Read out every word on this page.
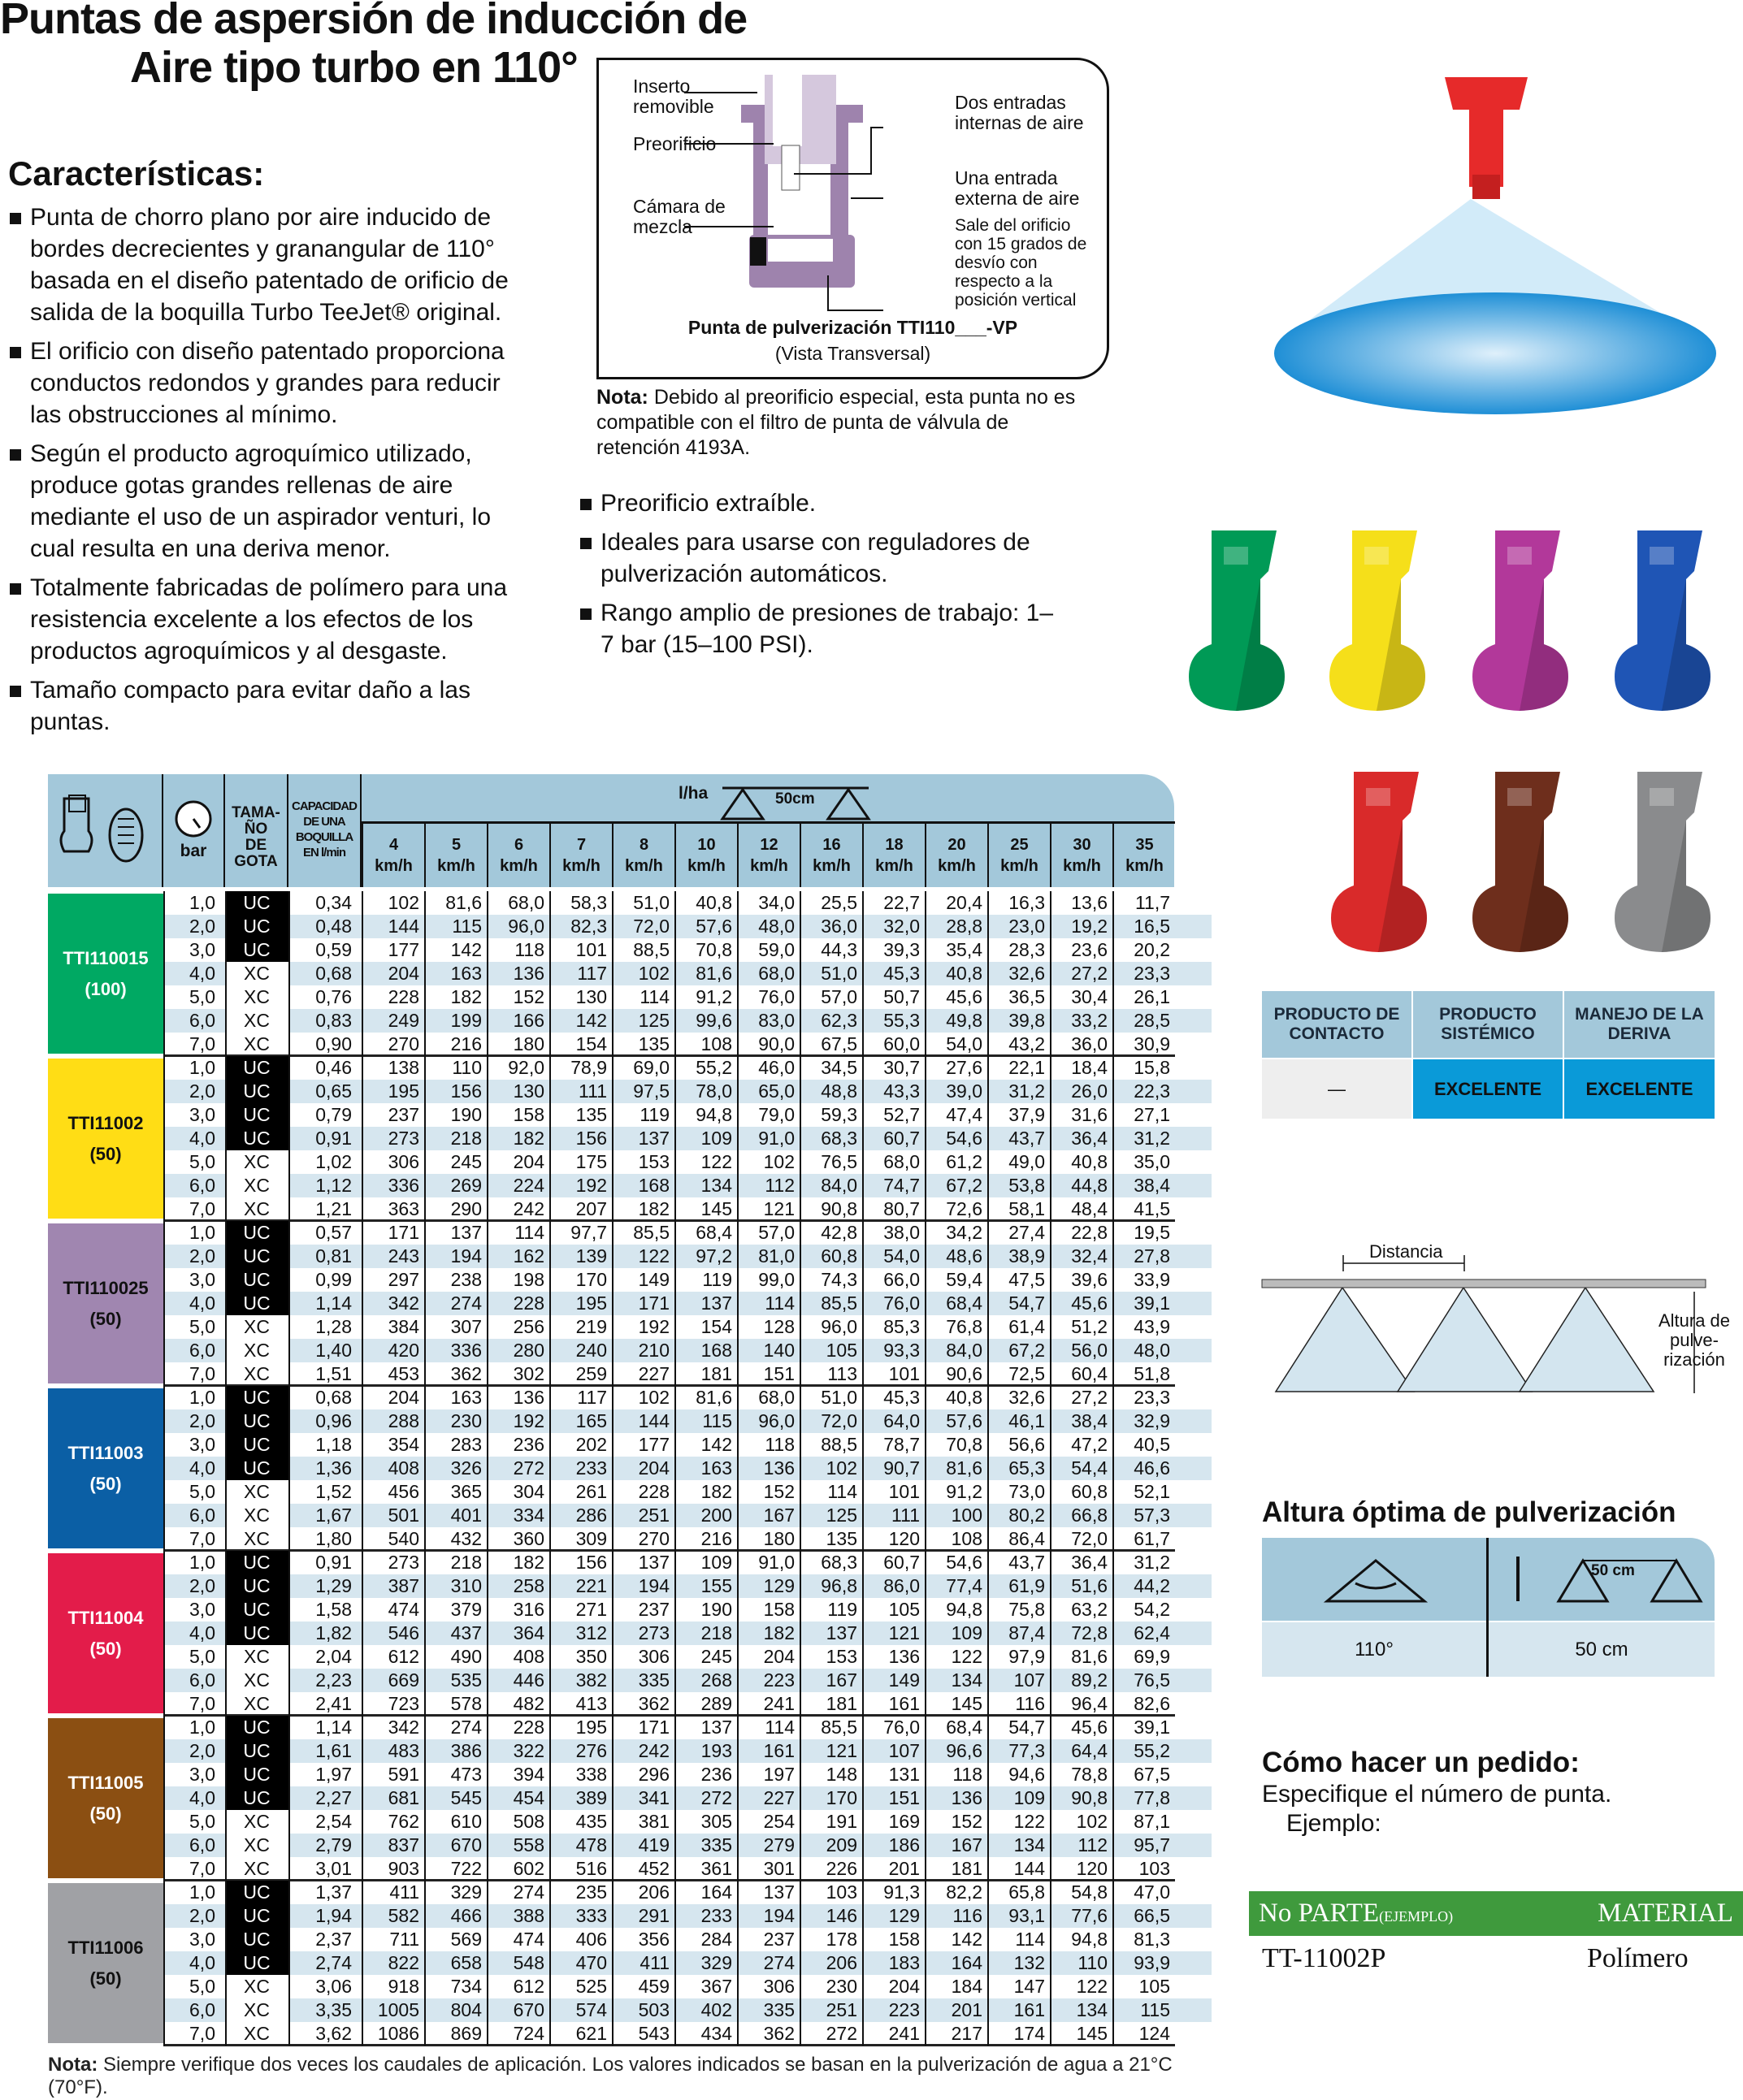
Puntas de aspersión de inducción de
Aire tipo turbo en 110°
Características:
Punta de chorro plano por aire inducido de bordes decrecientes y granangular de 110° basada en el diseño patentado de orificio de salida de la boquilla Turbo TeeJet® original.
El orificio con diseño patentado proporciona conductos redondos y grandes para reducir las obstrucciones al mínimo.
Según el producto agroquímico utilizado, produce gotas grandes rellenas de aire mediante el uso de un aspirador venturi, lo cual resulta en una deriva menor.
Totalmente fabricadas de polímero para una resistencia excelente a los efectos de los productos agroquímicos y al desgaste.
Tamaño compacto para evitar daño a las puntas.
Preorificio extraíble.
Ideales para usarse con reguladores de pulverización automáticos.
Rango amplio de presiones de trabajo: 1–7 bar (15–100 PSI).
Inserto removible
Preorificio
Cámara de mezcla
Dos entradas internas de aire
Una entrada externa de aire
Sale del orificio con 15 grados de desvío con respecto a la posición vertical
Punta de pulverización TTI110___-VP
(Vista Transversal)
Nota: Debido al preorificio especial, esta punta no es compatible con el filtro de punta de válvula de retención 4193A.
PRODUCTO DE CONTACTO
PRODUCTO SISTÉMICO
MANEJO DE LA DERIVA
—	EXCELENTE	EXCELENTE
Distancia
Altura de pulve-rización
Altura óptima de pulverización
50 cm
110°	50 cm
Cómo hacer un pedido:
Especifique el número de punta.
Ejemplo:
No PARTE(EJEMPLO)	MATERIAL
TT-11002P	Polímero
bar
TAMA-ÑO DE GOTA
CAPACIDAD DE UNA BOQUILLA EN l/min
l/ha	50cm
4
km/h
5
km/h
6
km/h
7
km/h
8
km/h
10
km/h
12
km/h
16
km/h
18
km/h
20
km/h
25
km/h
30
km/h
35
km/h
TTI110015
(100)
1,0	UC	0,34	102	81,6	68,0	58,3	51,0	40,8	34,0	25,5	22,7	20,4	16,3	13,6	11,7
2,0	UC	0,48	144	115	96,0	82,3	72,0	57,6	48,0	36,0	32,0	28,8	23,0	19,2	16,5
3,0	UC	0,59	177	142	118	101	88,5	70,8	59,0	44,3	39,3	35,4	28,3	23,6	20,2
4,0	XC	0,68	204	163	136	117	102	81,6	68,0	51,0	45,3	40,8	32,6	27,2	23,3
5,0	XC	0,76	228	182	152	130	114	91,2	76,0	57,0	50,7	45,6	36,5	30,4	26,1
6,0	XC	0,83	249	199	166	142	125	99,6	83,0	62,3	55,3	49,8	39,8	33,2	28,5
7,0	XC	0,90	270	216	180	154	135	108	90,0	67,5	60,0	54,0	43,2	36,0	30,9
TTI11002
(50)
1,0	UC	0,46	138	110	92,0	78,9	69,0	55,2	46,0	34,5	30,7	27,6	22,1	18,4	15,8
2,0	UC	0,65	195	156	130	111	97,5	78,0	65,0	48,8	43,3	39,0	31,2	26,0	22,3
3,0	UC	0,79	237	190	158	135	119	94,8	79,0	59,3	52,7	47,4	37,9	31,6	27,1
4,0	UC	0,91	273	218	182	156	137	109	91,0	68,3	60,7	54,6	43,7	36,4	31,2
5,0	XC	1,02	306	245	204	175	153	122	102	76,5	68,0	61,2	49,0	40,8	35,0
6,0	XC	1,12	336	269	224	192	168	134	112	84,0	74,7	67,2	53,8	44,8	38,4
7,0	XC	1,21	363	290	242	207	182	145	121	90,8	80,7	72,6	58,1	48,4	41,5
TTI110025
(50)
1,0	UC	0,57	171	137	114	97,7	85,5	68,4	57,0	42,8	38,0	34,2	27,4	22,8	19,5
2,0	UC	0,81	243	194	162	139	122	97,2	81,0	60,8	54,0	48,6	38,9	32,4	27,8
3,0	UC	0,99	297	238	198	170	149	119	99,0	74,3	66,0	59,4	47,5	39,6	33,9
4,0	UC	1,14	342	274	228	195	171	137	114	85,5	76,0	68,4	54,7	45,6	39,1
5,0	XC	1,28	384	307	256	219	192	154	128	96,0	85,3	76,8	61,4	51,2	43,9
6,0	XC	1,40	420	336	280	240	210	168	140	105	93,3	84,0	67,2	56,0	48,0
7,0	XC	1,51	453	362	302	259	227	181	151	113	101	90,6	72,5	60,4	51,8
TTI11003
(50)
1,0	UC	0,68	204	163	136	117	102	81,6	68,0	51,0	45,3	40,8	32,6	27,2	23,3
2,0	UC	0,96	288	230	192	165	144	115	96,0	72,0	64,0	57,6	46,1	38,4	32,9
3,0	UC	1,18	354	283	236	202	177	142	118	88,5	78,7	70,8	56,6	47,2	40,5
4,0	UC	1,36	408	326	272	233	204	163	136	102	90,7	81,6	65,3	54,4	46,6
5,0	XC	1,52	456	365	304	261	228	182	152	114	101	91,2	73,0	60,8	52,1
6,0	XC	1,67	501	401	334	286	251	200	167	125	111	100	80,2	66,8	57,3
7,0	XC	1,80	540	432	360	309	270	216	180	135	120	108	86,4	72,0	61,7
TTI11004
(50)
1,0	UC	0,91	273	218	182	156	137	109	91,0	68,3	60,7	54,6	43,7	36,4	31,2
2,0	UC	1,29	387	310	258	221	194	155	129	96,8	86,0	77,4	61,9	51,6	44,2
3,0	UC	1,58	474	379	316	271	237	190	158	119	105	94,8	75,8	63,2	54,2
4,0	UC	1,82	546	437	364	312	273	218	182	137	121	109	87,4	72,8	62,4
5,0	XC	2,04	612	490	408	350	306	245	204	153	136	122	97,9	81,6	69,9
6,0	XC	2,23	669	535	446	382	335	268	223	167	149	134	107	89,2	76,5
7,0	XC	2,41	723	578	482	413	362	289	241	181	161	145	116	96,4	82,6
TTI11005
(50)
1,0	UC	1,14	342	274	228	195	171	137	114	85,5	76,0	68,4	54,7	45,6	39,1
2,0	UC	1,61	483	386	322	276	242	193	161	121	107	96,6	77,3	64,4	55,2
3,0	UC	1,97	591	473	394	338	296	236	197	148	131	118	94,6	78,8	67,5
4,0	UC	2,27	681	545	454	389	341	272	227	170	151	136	109	90,8	77,8
5,0	XC	2,54	762	610	508	435	381	305	254	191	169	152	122	102	87,1
6,0	XC	2,79	837	670	558	478	419	335	279	209	186	167	134	112	95,7
7,0	XC	3,01	903	722	602	516	452	361	301	226	201	181	144	120	103
TTI11006
(50)
1,0	UC	1,37	411	329	274	235	206	164	137	103	91,3	82,2	65,8	54,8	47,0
2,0	UC	1,94	582	466	388	333	291	233	194	146	129	116	93,1	77,6	66,5
3,0	UC	2,37	711	569	474	406	356	284	237	178	158	142	114	94,8	81,3
4,0	UC	2,74	822	658	548	470	411	329	274	206	183	164	132	110	93,9
5,0	XC	3,06	918	734	612	525	459	367	306	230	204	184	147	122	105
6,0	XC	3,35	1005	804	670	574	503	402	335	251	223	201	161	134	115
7,0	XC	3,62	1086	869	724	621	543	434	362	272	241	217	174	145	124
Nota: Siempre verifique dos veces los caudales de aplicación. Los valores indicados se basan en la pulverización de agua a 21°C (70°F).
